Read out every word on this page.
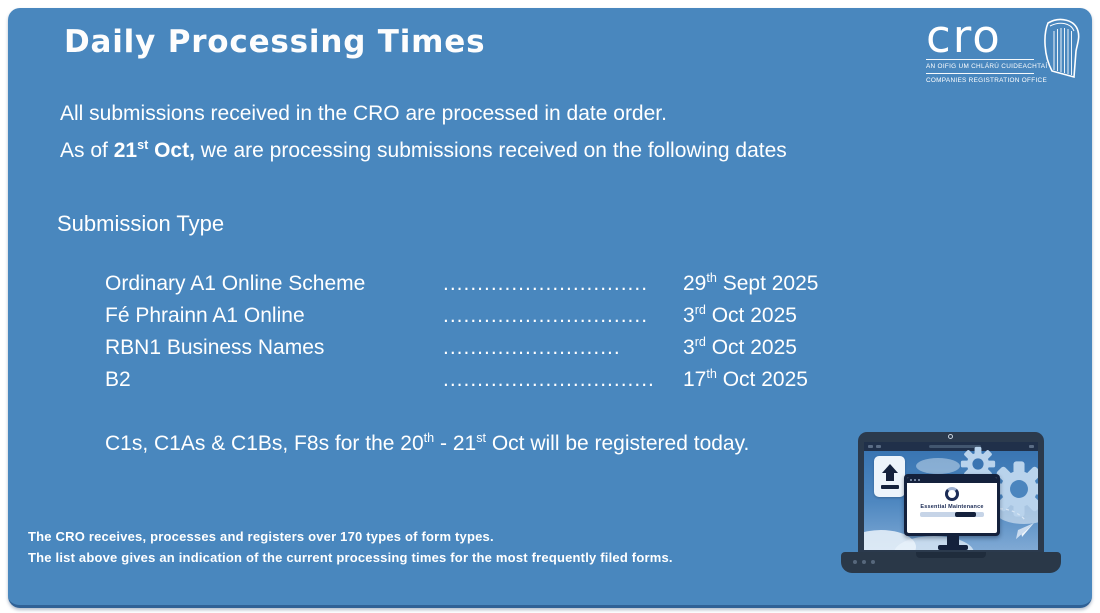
Daily Processing Times	cro
AN OIFIG UM CHLÁRÚ CUIDEACHTAÍ
COMPANIES REGISTRATION OFFICE
All submissions received in the CRO are processed in date order.
As of 21st Oct, we are processing submissions received on the following dates
Submission Type
Ordinary A1 Online Scheme	..............................	29th Sept 2025
Fé Phrainn A1 Online	..............................	3rd Oct 2025
RBN1 Business Names	..........................	3rd Oct 2025
B2	...............................	17th Oct 2025
C1s, C1As & C1Bs, F8s for the 20th - 21st Oct will be registered today.
The CRO receives, processes and registers over 170 types of form types.
The list above gives an indication of the current processing times for the most frequently filed forms.
Essential Maintenance
